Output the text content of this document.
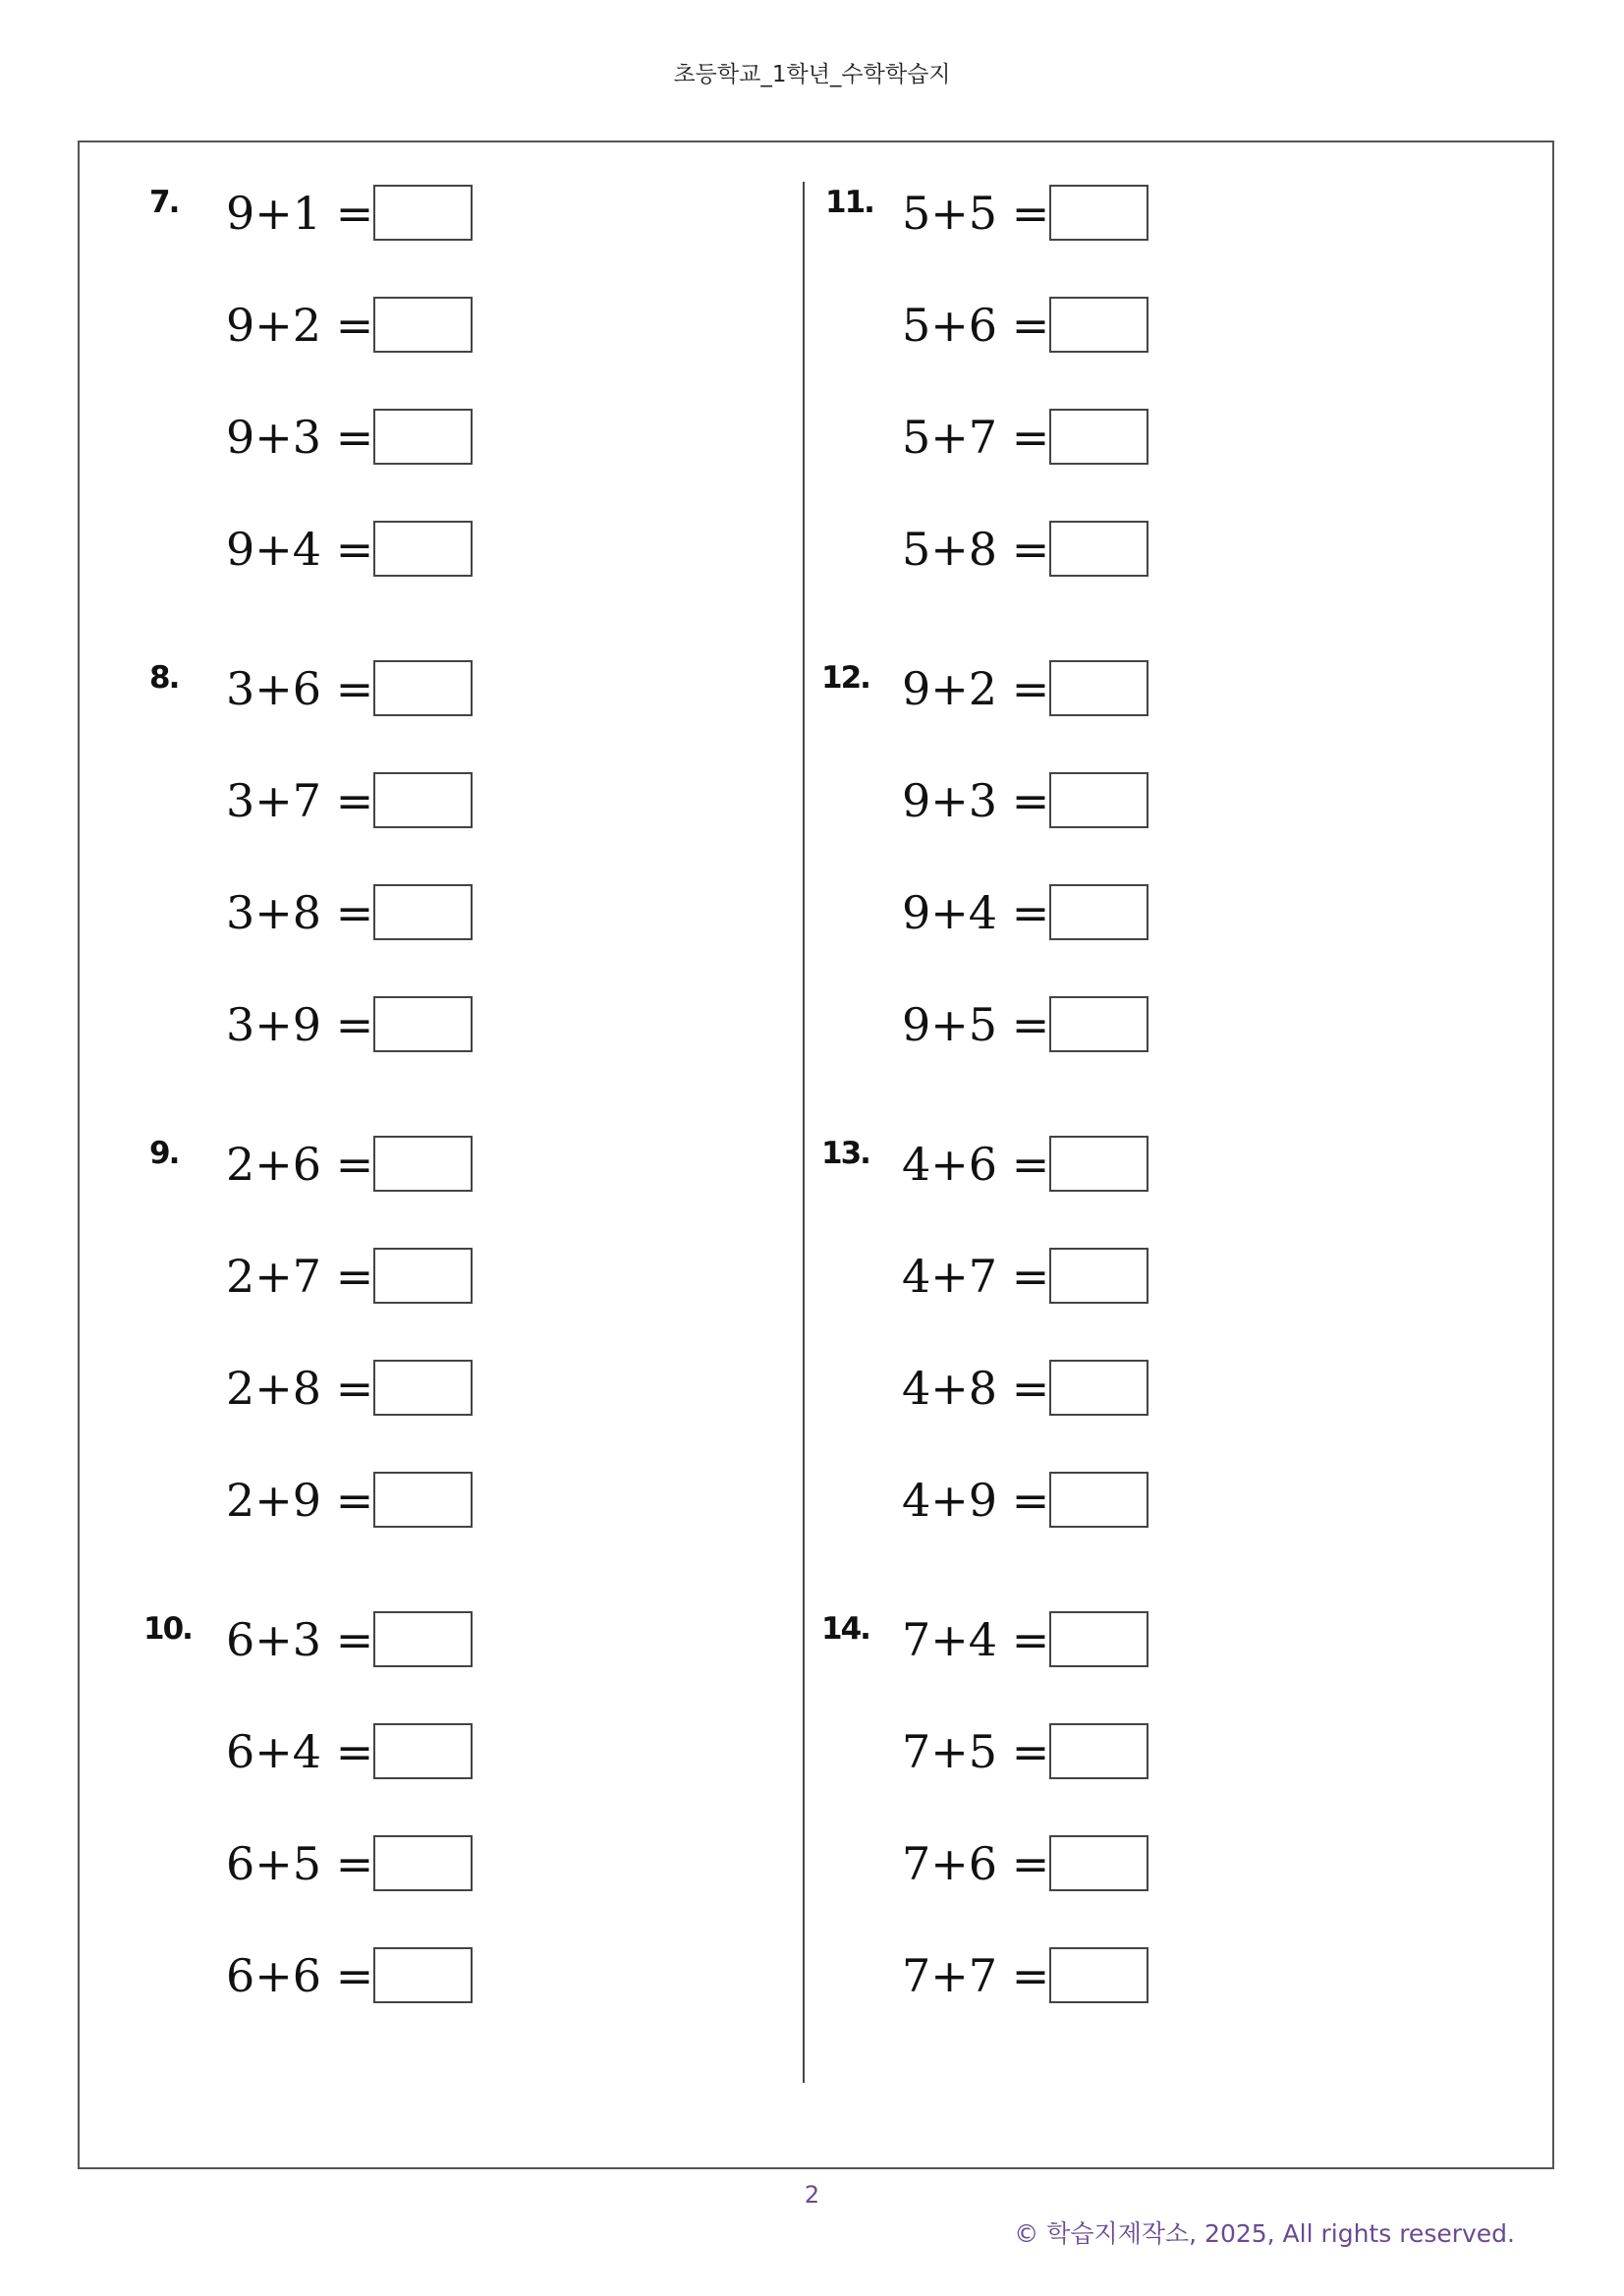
초등학교_1학년_수학학습지
7. 9+1 =
9+2 =
9+3 =
9+4 =
8. 3+6 =
3+7 =
3+8 =
3+9 =
9. 2+6 =
2+7 =
2+8 =
2+9 =
10. 6+3 =
6+4 =
6+5 =
6+6 =
11. 5+5 =
5+6 =
5+7 =
5+8 =
12. 9+2 =
9+3 =
9+4 =
9+5 =
13. 4+6 =
4+7 =
4+8 =
4+9 =
14. 7+4 =
7+5 =
7+6 =
7+7 =
2
© 학습지제작소, 2025, All rights reserved.
